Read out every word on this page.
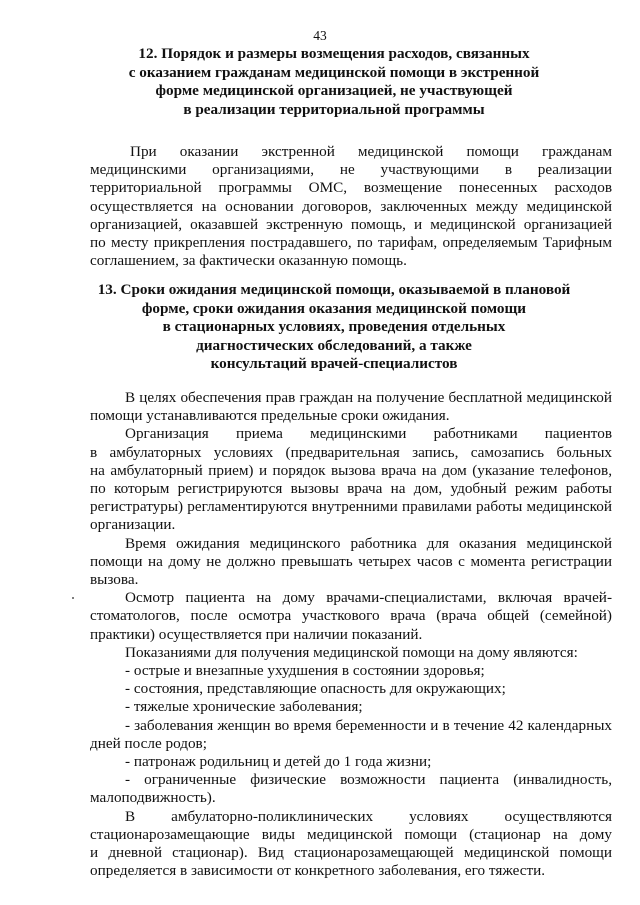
43
12. Порядок и размеры возмещения расходов, связанных
с оказанием гражданам медицинской помощи в экстренной
форме медицинской организацией, не участвующей
в реализации территориальной программы
При оказании экстренной медицинской помощи гражданам
медицинскими организациями, не участвующими в реализации
территориальной программы ОМС, возмещение понесенных расходов
осуществляется на основании договоров, заключенных между медицинской
организацией, оказавшей экстренную помощь, и медицинской организацией
по месту прикрепления пострадавшего, по тарифам, определяемым Тарифным
соглашением, за фактически оказанную помощь.
13. Сроки ожидания медицинской помощи, оказываемой в плановой
форме, сроки ожидания оказания медицинской помощи
в стационарных условиях, проведения отдельных
диагностических обследований, а также
консультаций врачей-специалистов
В целях обеспечения прав граждан на получение бесплатной медицинской
помощи устанавливаются предельные сроки ожидания.
Организация приема медицинскими работниками пациентов
в амбулаторных условиях (предварительная запись, самозапись больных
на амбулаторный прием) и порядок вызова врача на дом (указание телефонов,
по которым регистрируются вызовы врача на дом, удобный режим работы
регистратуры) регламентируются внутренними правилами работы медицинской
организации.
Время ожидания медицинского работника для оказания медицинской
помощи на дому не должно превышать четырех часов с момента регистрации
вызова.
Осмотр пациента на дому врачами-специалистами, включая врачей-
стоматологов, после осмотра участкового врача (врача общей (семейной)
практики) осуществляется при наличии показаний.
Показаниями для получения медицинской помощи на дому являются:
- острые и внезапные ухудшения в состоянии здоровья;
- состояния, представляющие опасность для окружающих;
- тяжелые хронические заболевания;
- заболевания женщин во время беременности и в течение 42 календарных
дней после родов;
- патронаж родильниц и детей до 1 года жизни;
- ограниченные физические возможности пациента (инвалидность,
малоподвижность).
В амбулаторно-поликлинических условиях осуществляются
стационарозамещающие виды медицинской помощи (стационар на дому
и дневной стационар). Вид стационарозамещающей медицинской помощи
определяется в зависимости от конкретного заболевания, его тяжести.
